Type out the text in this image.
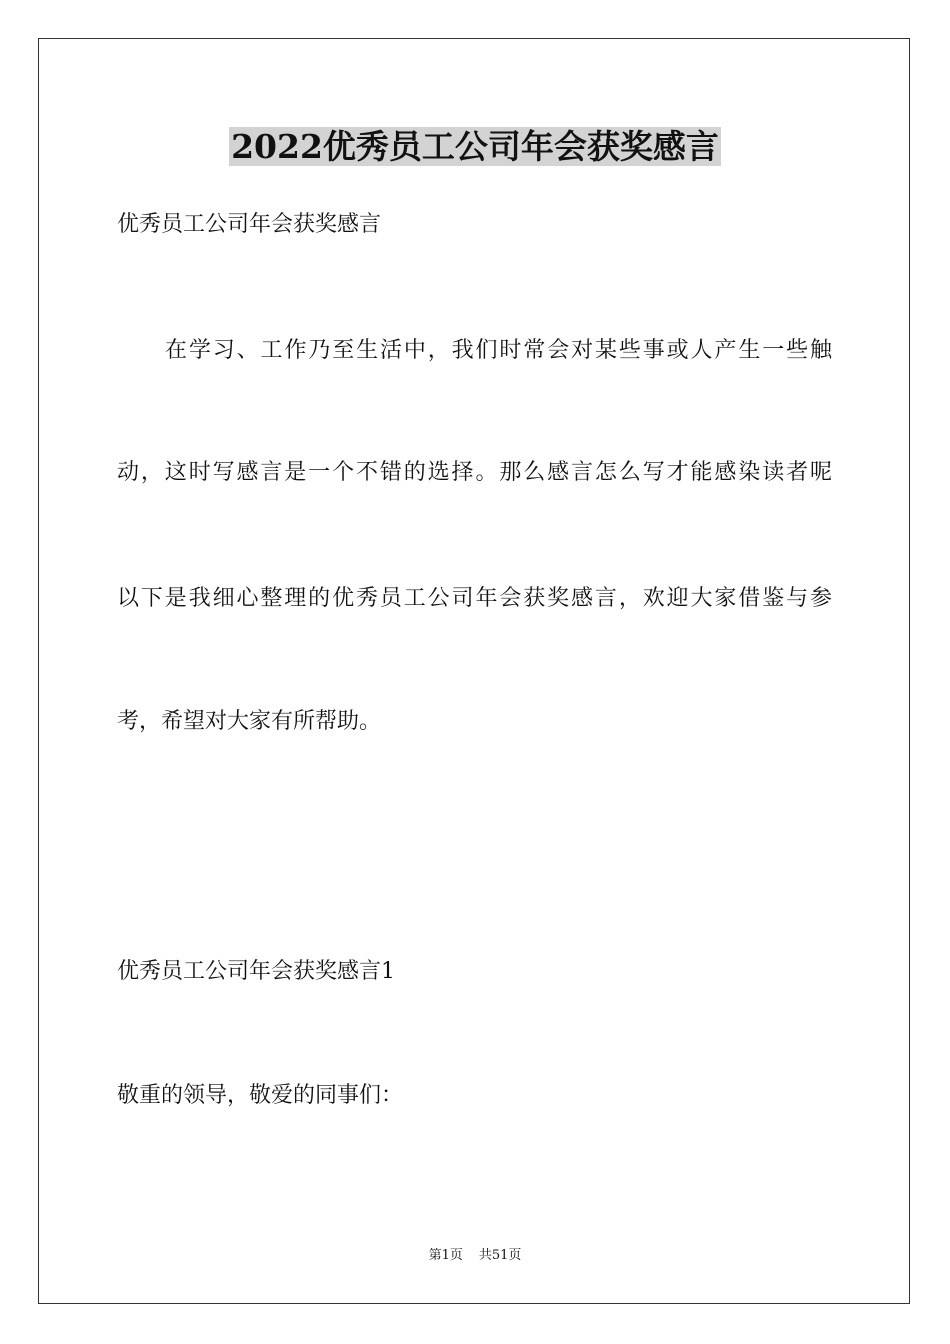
2022优秀员工公司年会获奖感言
优秀员工公司年会获奖感言
在学习、工作乃至生活中，我们时常会对某些事或人产生一些触
动，这时写感言是一个不错的选择。那么感言怎么写才能感染读者呢
以下是我细心整理的优秀员工公司年会获奖感言，欢迎大家借鉴与参
考，希望对大家有所帮助。
优秀员工公司年会获奖感言1
敬重的领导，敬爱的同事们：
第1页 共51页
